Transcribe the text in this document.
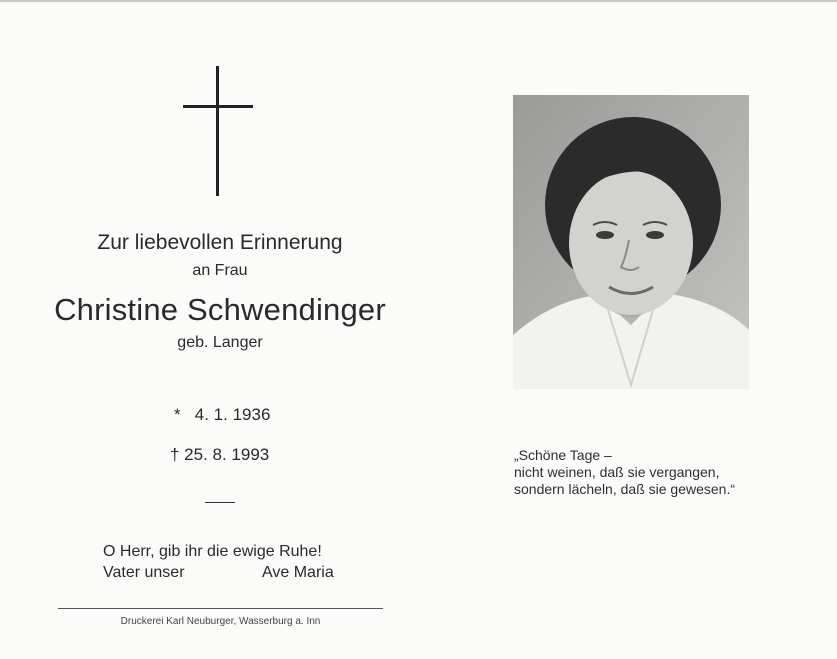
Zur liebevollen Erinnerung
an Frau
Christine Schwendinger
geb. Langer
*   4. 1. 1936
† 25. 8. 1993
O Herr, gib ihr die ewige Ruhe!
Vater unser	Ave Maria
Druckerei Karl Neuburger, Wasserburg a. Inn
„Schöne Tage –
nicht weinen, daß sie vergangen,
sondern lächeln, daß sie gewesen.“
